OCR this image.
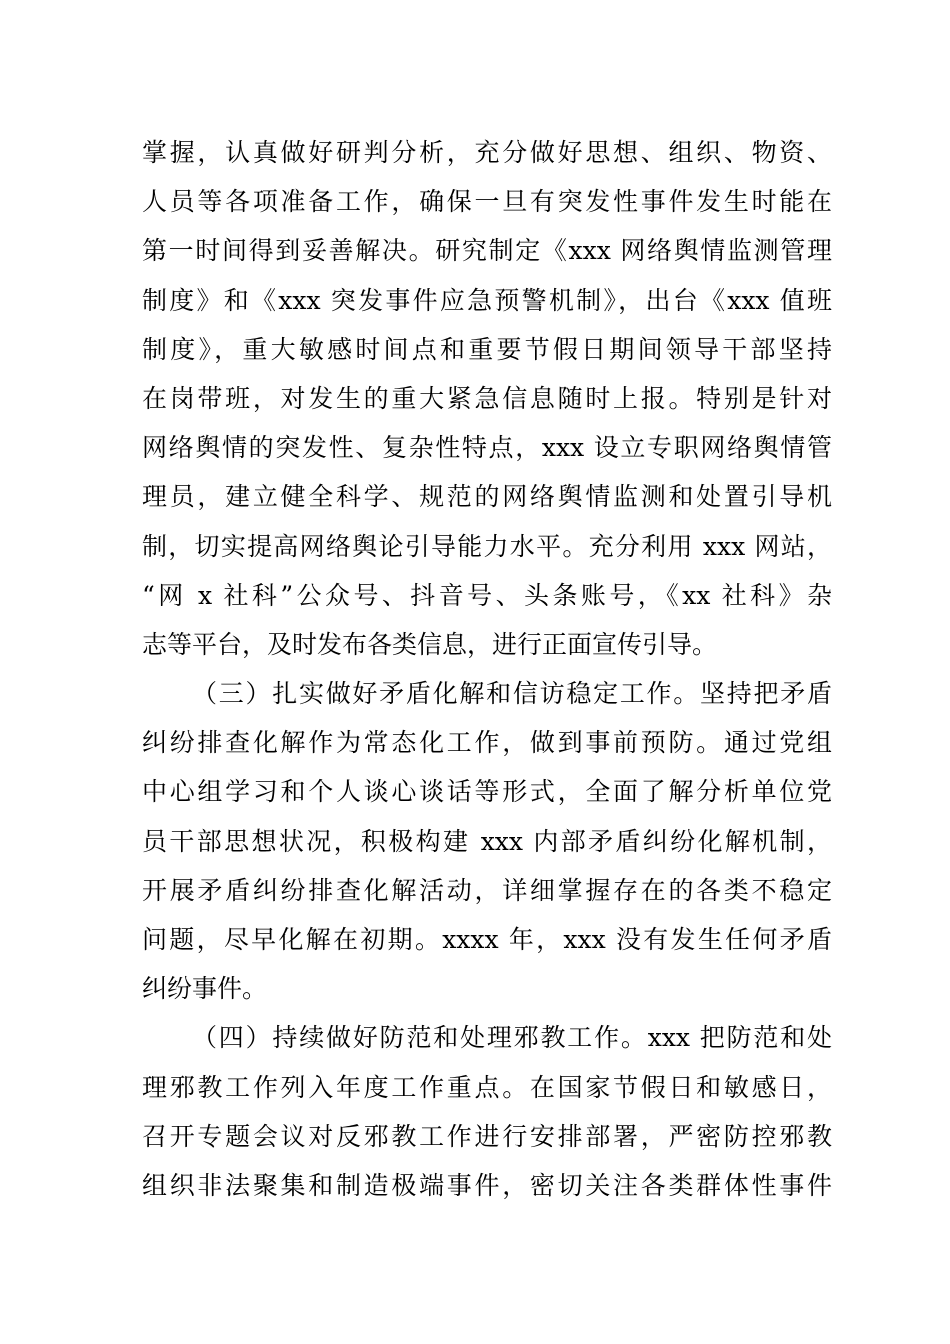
掌握，认真做好研判分析，充分做好思想、组织、物资、
人员等各项准备工作，确保一旦有突发性事件发生时能在
第一时间得到妥善解决。研究制定《xxx 网络舆情监测管理
制度》和《xxx 突发事件应急预警机制》，出台《xxx 值班
制度》，重大敏感时间点和重要节假日期间领导干部坚持
在岗带班，对发生的重大紧急信息随时上报。特别是针对
网络舆情的突发性、复杂性特点，xxx 设立专职网络舆情管
理员，建立健全科学、规范的网络舆情监测和处置引导机
制，切实提高网络舆论引导能力水平。充分利用 xxx 网站，
“网 x 社科”公众号、抖音号、头条账号，《xx 社科》杂
志等平台，及时发布各类信息，进行正面宣传引导。
（三）扎实做好矛盾化解和信访稳定工作。坚持把矛盾
纠纷排查化解作为常态化工作，做到事前预防。通过党组
中心组学习和个人谈心谈话等形式，全面了解分析单位党
员干部思想状况，积极构建 xxx 内部矛盾纠纷化解机制，
开展矛盾纠纷排查化解活动，详细掌握存在的各类不稳定
问题，尽早化解在初期。xxxx 年，xxx 没有发生任何矛盾
纠纷事件。
（四）持续做好防范和处理邪教工作。xxx 把防范和处
理邪教工作列入年度工作重点。在国家节假日和敏感日，
召开专题会议对反邪教工作进行安排部署，严密防控邪教
组织非法聚集和制造极端事件，密切关注各类群体性事件
